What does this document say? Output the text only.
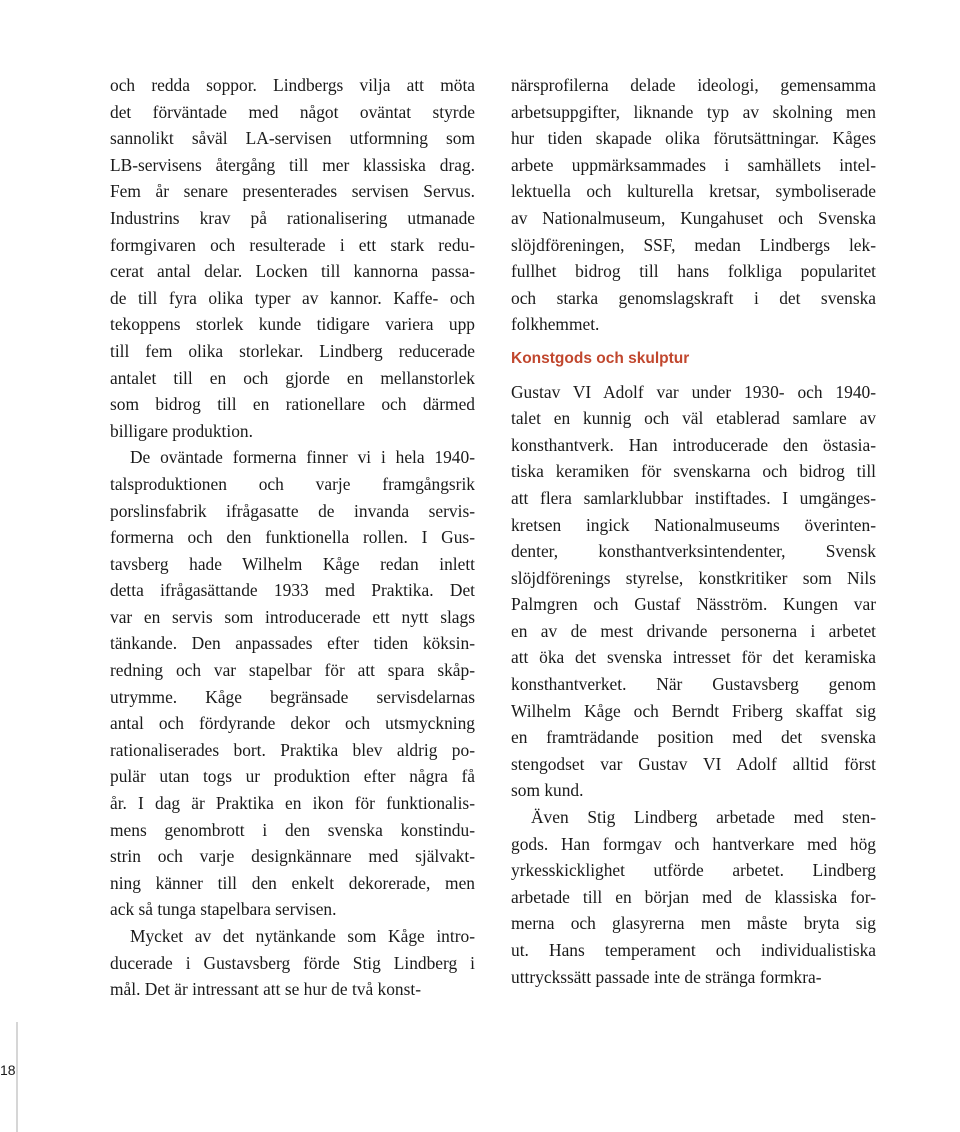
och redda soppor. Lindbergs vilja att möta
det förväntade med något oväntat styrde
sannolikt såväl LA-servisen utformning som
LB-servisens återgång till mer klassiska drag.
Fem år senare presenterades servisen Servus.
Industrins krav på rationalisering utmanade
formgivaren och resulterade i ett stark redu-
cerat antal delar. Locken till kannorna passa-
de till fyra olika typer av kannor. Kaffe- och
tekoppens storlek kunde tidigare variera upp
till fem olika storlekar. Lindberg reducerade
antalet till en och gjorde en mellanstorlek
som bidrog till en rationellare och därmed
billigare produktion.
De oväntade formerna finner vi i hela 1940-
talsproduktionen och varje framgångsrik
porslinsfabrik ifrågasatte de invanda servis-
formerna och den funktionella rollen. I Gus-
tavsberg hade Wilhelm Kåge redan inlett
detta ifrågasättande 1933 med Praktika. Det
var en servis som introducerade ett nytt slags
tänkande. Den anpassades efter tiden köksin-
redning och var stapelbar för att spara skåp-
utrymme. Kåge begränsade servisdelarnas
antal och fördyrande dekor och utsmyckning
rationaliserades bort. Praktika blev aldrig po-
pulär utan togs ur produktion efter några få
år. I dag är Praktika en ikon för funktionalis-
mens genombrott i den svenska konstindu-
strin och varje designkännare med självakt-
ning känner till den enkelt dekorerade, men
ack så tunga stapelbara servisen.
Mycket av det nytänkande som Kåge intro-
ducerade i Gustavsberg förde Stig Lindberg i
mål. Det är intressant att se hur de två konst-
närsprofilerna delade ideologi, gemensamma
arbetsuppgifter, liknande typ av skolning men
hur tiden skapade olika förutsättningar. Kåges
arbete uppmärksammades i samhällets intel-
lektuella och kulturella kretsar, symboliserade
av Nationalmuseum, Kungahuset och Svenska
slöjdföreningen, SSF, medan Lindbergs lek-
fullhet bidrog till hans folkliga popularitet
och starka genomslagskraft i det svenska
folkhemmet.
Konstgods och skulptur
Gustav VI Adolf var under 1930- och 1940-
talet en kunnig och väl etablerad samlare av
konsthantverk. Han introducerade den östasia-
tiska keramiken för svenskarna och bidrog till
att flera samlarklubbar instiftades. I umgänges-
kretsen ingick Nationalmuseums överinten-
denter, konsthantverksintendenter, Svensk
slöjdförenings styrelse, konstkritiker som Nils
Palmgren och Gustaf Näsström. Kungen var
en av de mest drivande personerna i arbetet
att öka det svenska intresset för det keramiska
konsthantverket. När Gustavsberg genom
Wilhelm Kåge och Berndt Friberg skaffat sig
en framträdande position med det svenska
stengodset var Gustav VI Adolf alltid först
som kund.
Även Stig Lindberg arbetade med sten-
gods. Han formgav och hantverkare med hög
yrkesskicklighet utförde arbetet. Lindberg
arbetade till en början med de klassiska for-
merna och glasyrerna men måste bryta sig
ut. Hans temperament och individualistiska
uttryckssätt passade inte de stränga formkra-
18
